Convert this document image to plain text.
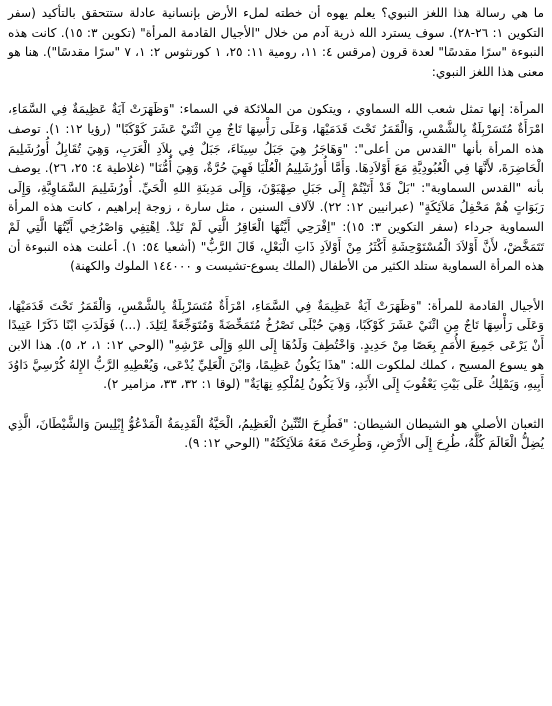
ما هي رسالة هذا اللغز النبوي؟ يعلم يهوه أن خطته لملء الأرض بإنسانية عادلة ستتحقق بالتأكيد (سفر التكوين ١: ٢٦-٢٨). سوف يسترد الله ذرية آدم من خلال "الأجيال القادمة المرأة" (تكوين ٣: ١٥). كانت هذه النبوءة "سرًا مقدسًا" لعدة قرون (مرقس ٤: ١١، رومية ١١: ٢٥، ١ كورنثوس ٢: ١، ٧ "سرًا مقدسًا"). هنا هو معنى هذا اللغز النبوي:

المرأة: إنها تمثل شعب الله السماوي ، ويتكون من الملائكة في السماء: "وَظَهَرَتْ آيَةٌ عَظِيمَةٌ فِي السَّمَاءِ، امْرَأَةٌ مُتَسَرْبِلَةٌ بِالشَّمْسِ، وَالْقَمَرُ تَحْتَ قَدَمَيْهَا، وَعَلَى رَأْسِهَا تَاجٌ مِنِ اثْنَيْ عَشَرَ كَوْكَبًا" (رؤيا ١٢: ١). توصف هذه المرأة بأنها "القدس من أعلى": "وَهَاجَرُ هِيَ جَبَلُ سِينَاءَ، جَبَلٌ فِي بِلاَدِ الْعَرَبِ، وَهِيَ تُقَابِلُ أُورُشَلِيمَ الْحَاضِرَةَ، لأَنَّهَا فِي الْعُبُودِيَّةِ مَعَ أَوْلاَدِهَا. وَأَمَّا أُورُشَلِيمُ الْعُلْيَا فَهِيَ حُرَّةٌ، وَهِيَ أُمُّنَا" (غلاطية ٤: ٢٥، ٢٦). يوصف بأنه "القدس السماوية": "بَلْ قَدْ أَتَيْتُمْ إِلَى جَبَلِ صِهْيَوْنَ، وَإِلَى مَدِينَةِ اللهِ الْحَيِّ. أُورُشَلِيمَ السَّمَاوِيَّةِ، وَإِلَى رَبَوَاتٍ هُمْ مَحْفِلُ مَلاَئِكَةٍ" (عبرانيين ١٢: ٢٢). لآلاف السنين ، مثل سارة ، زوجة إبراهيم ، كانت هذه المرأة السماوية جرداء (سفر التكوين ٣: ١٥): "اِفْرَحِي أَيَّتُهَا الْعَاقِرُ الَّتِي لَمْ تَلِدْ. اِهْتِفِي وَاصْرُخِي أَيَّتُهَا الَّتِي لَمْ تَتَمَخَّضْ، لأَنَّ أَوْلاَدَ الْمُسْتَوْحِشَةِ أَكْثَرُ مِنْ أَوْلاَدِ ذَاتِ الْبَعْلِ، قَالَ الرَّبُّ" (أشعيا ٥٤: ١). أعلنت هذه النبوءة أن هذه المرأة السماوية ستلد الكثير من الأطفال (الملك يسوع-تشيست و ١٤٤٠٠٠ الملوك والكهنة)

الأجيال القادمة للمرأة: "وَظَهَرَتْ آيَةٌ عَظِيمَةٌ فِي السَّمَاءِ، امْرَأَةٌ مُتَسَرْبِلَةٌ بِالشَّمْسِ، وَالْقَمَرُ تَحْتَ قَدَمَيْهَا، وَعَلَى رَأْسِهَا تَاجٌ مِنِ اثْنَيْ عَشَرَ كَوْكَبًا، وَهِيَ حُبْلَى تَصْرُخُ مُتَمَخِّضَةً وَمُتَوَجِّعَةً لِتَلِدَ. (...) فَوَلَدَتِ ابْنًا ذَكَرًا عَتِيدًا أَنْ يَرْعَى جَمِيعَ الأُمَمِ بِعَصًا مِنْ حَدِيدٍ. وَاخْتُطِفَ وَلَدُهَا إِلَى اللهِ وَإِلَى عَرْشِهِ" (الوحي ١٢: ١، ٢، ٥). هذا الابن هو يسوع المسيح ، كملك لملكوت الله: "هذَا يَكُونُ عَظِيمًا، وَابْنَ الْعَلِيِّ يُدْعَى، وَيُعْطِيهِ الرَّبُّ الإِلهُ كُرْسِيَّ دَاوُدَ أَبِيهِ، وَيَمْلِكُ عَلَى بَيْتِ يَعْقُوبَ إِلَى الأَبَدِ، وَلاَ يَكُونُ لِمُلْكِهِ نِهَايَةٌ" (لوقا ١: ٣٢، ٣٣، مزامير ٢).

الثعبان الأصلي هو الشيطان الشيطان: "فَطُرِحَ التِّنِّينُ الْعَظِيمُ، الْحَيَّةُ الْقَدِيمَةُ الْمَدْعُوُّ إِبْلِيسَ وَالشَّيْطَانَ، الَّذِي يُضِلُّ الْعَالَمَ كُلَّهُ، طُرِحَ إِلَى الأَرْضِ، وَطُرِحَتْ مَعَهُ مَلاَئِكَتُهُ" (الوحي ١٢: ٩).
